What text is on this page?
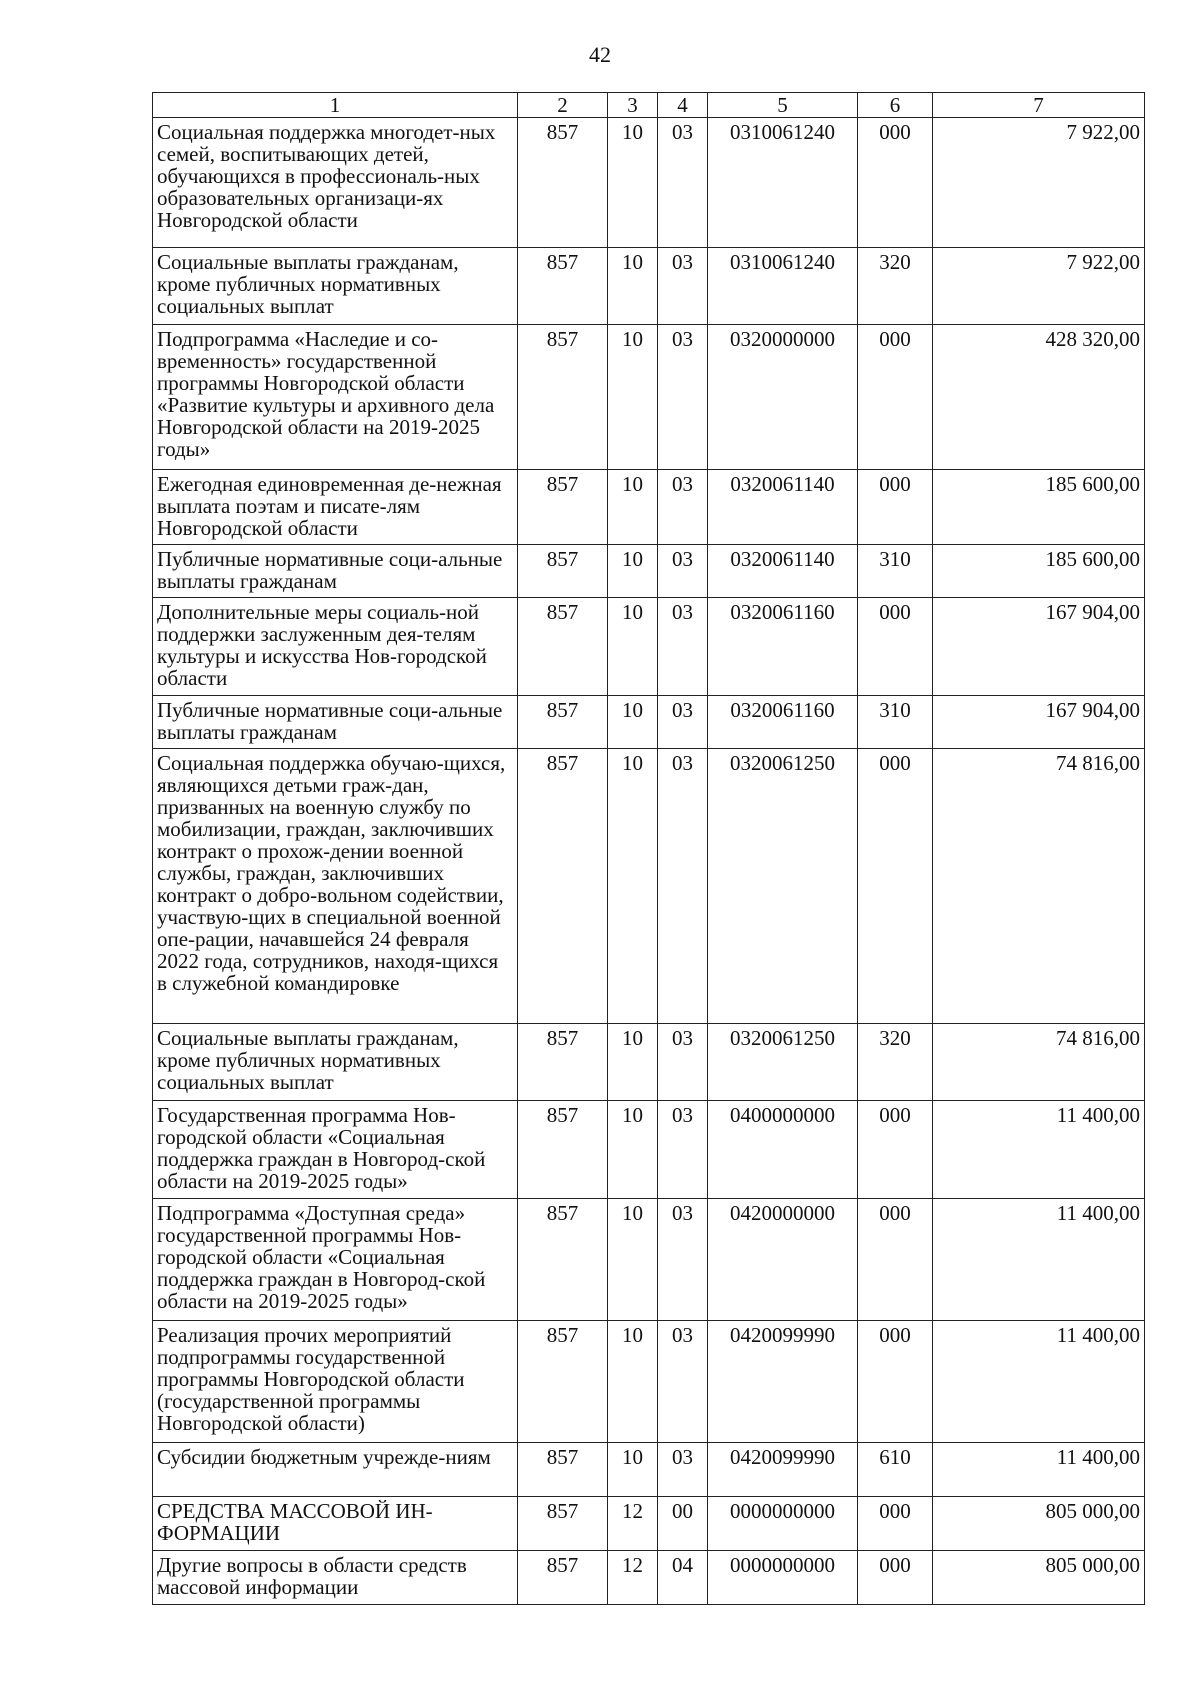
42
1	2	3	4	5	6	7
Социальная поддержка многодет-ных семей, воспитывающих детей, обучающихся в профессиональ-ных образовательных организаци-ях Новгородской области	857	10	03	0310061240	000	7 922,00
Социальные выплаты гражданам, кроме публичных нормативных социальных выплат	857	10	03	0310061240	320	7 922,00
Подпрограмма «Наследие и со-временность» государственной программы Новгородской области «Развитие культуры и архивного дела Новгородской области на 2019-2025 годы»	857	10	03	0320000000	000	428 320,00
Ежегодная единовременная де-нежная выплата поэтам и писате-лям Новгородской области	857	10	03	0320061140	000	185 600,00
Публичные нормативные соци-альные выплаты гражданам	857	10	03	0320061140	310	185 600,00
Дополнительные меры социаль-ной поддержки заслуженным дея-телям культуры и искусства Нов-городской области	857	10	03	0320061160	000	167 904,00
Публичные нормативные соци-альные выплаты гражданам	857	10	03	0320061160	310	167 904,00
Социальная поддержка обучаю-щихся, являющихся детьми граж-дан, призванных на военную службу по мобилизации, граждан, заключивших контракт о прохож-дении военной службы, граждан, заключивших контракт о добро-вольном содействии, участвую-щих в специальной военной опе-рации, начавшейся 24 февраля 2022 года, сотрудников, находя-щихся в служебной командировке	857	10	03	0320061250	000	74 816,00
Социальные выплаты гражданам, кроме публичных нормативных социальных выплат	857	10	03	0320061250	320	74 816,00
Государственная программа Нов-городской области «Социальная поддержка граждан в Новгород-ской области на 2019-2025 годы»	857	10	03	0400000000	000	11 400,00
Подпрограмма «Доступная среда» государственной программы Нов-городской области «Социальная поддержка граждан в Новгород-ской области на 2019-2025 годы»	857	10	03	0420000000	000	11 400,00
Реализация прочих мероприятий подпрограммы государственной программы Новгородской области (государственной программы Новгородской области)	857	10	03	0420099990	000	11 400,00
Субсидии бюджетным учрежде-ниям	857	10	03	0420099990	610	11 400,00
СРЕДСТВА МАССОВОЙ ИН-ФОРМАЦИИ	857	12	00	0000000000	000	805 000,00
Другие вопросы в области средств массовой информации	857	12	04	0000000000	000	805 000,00
